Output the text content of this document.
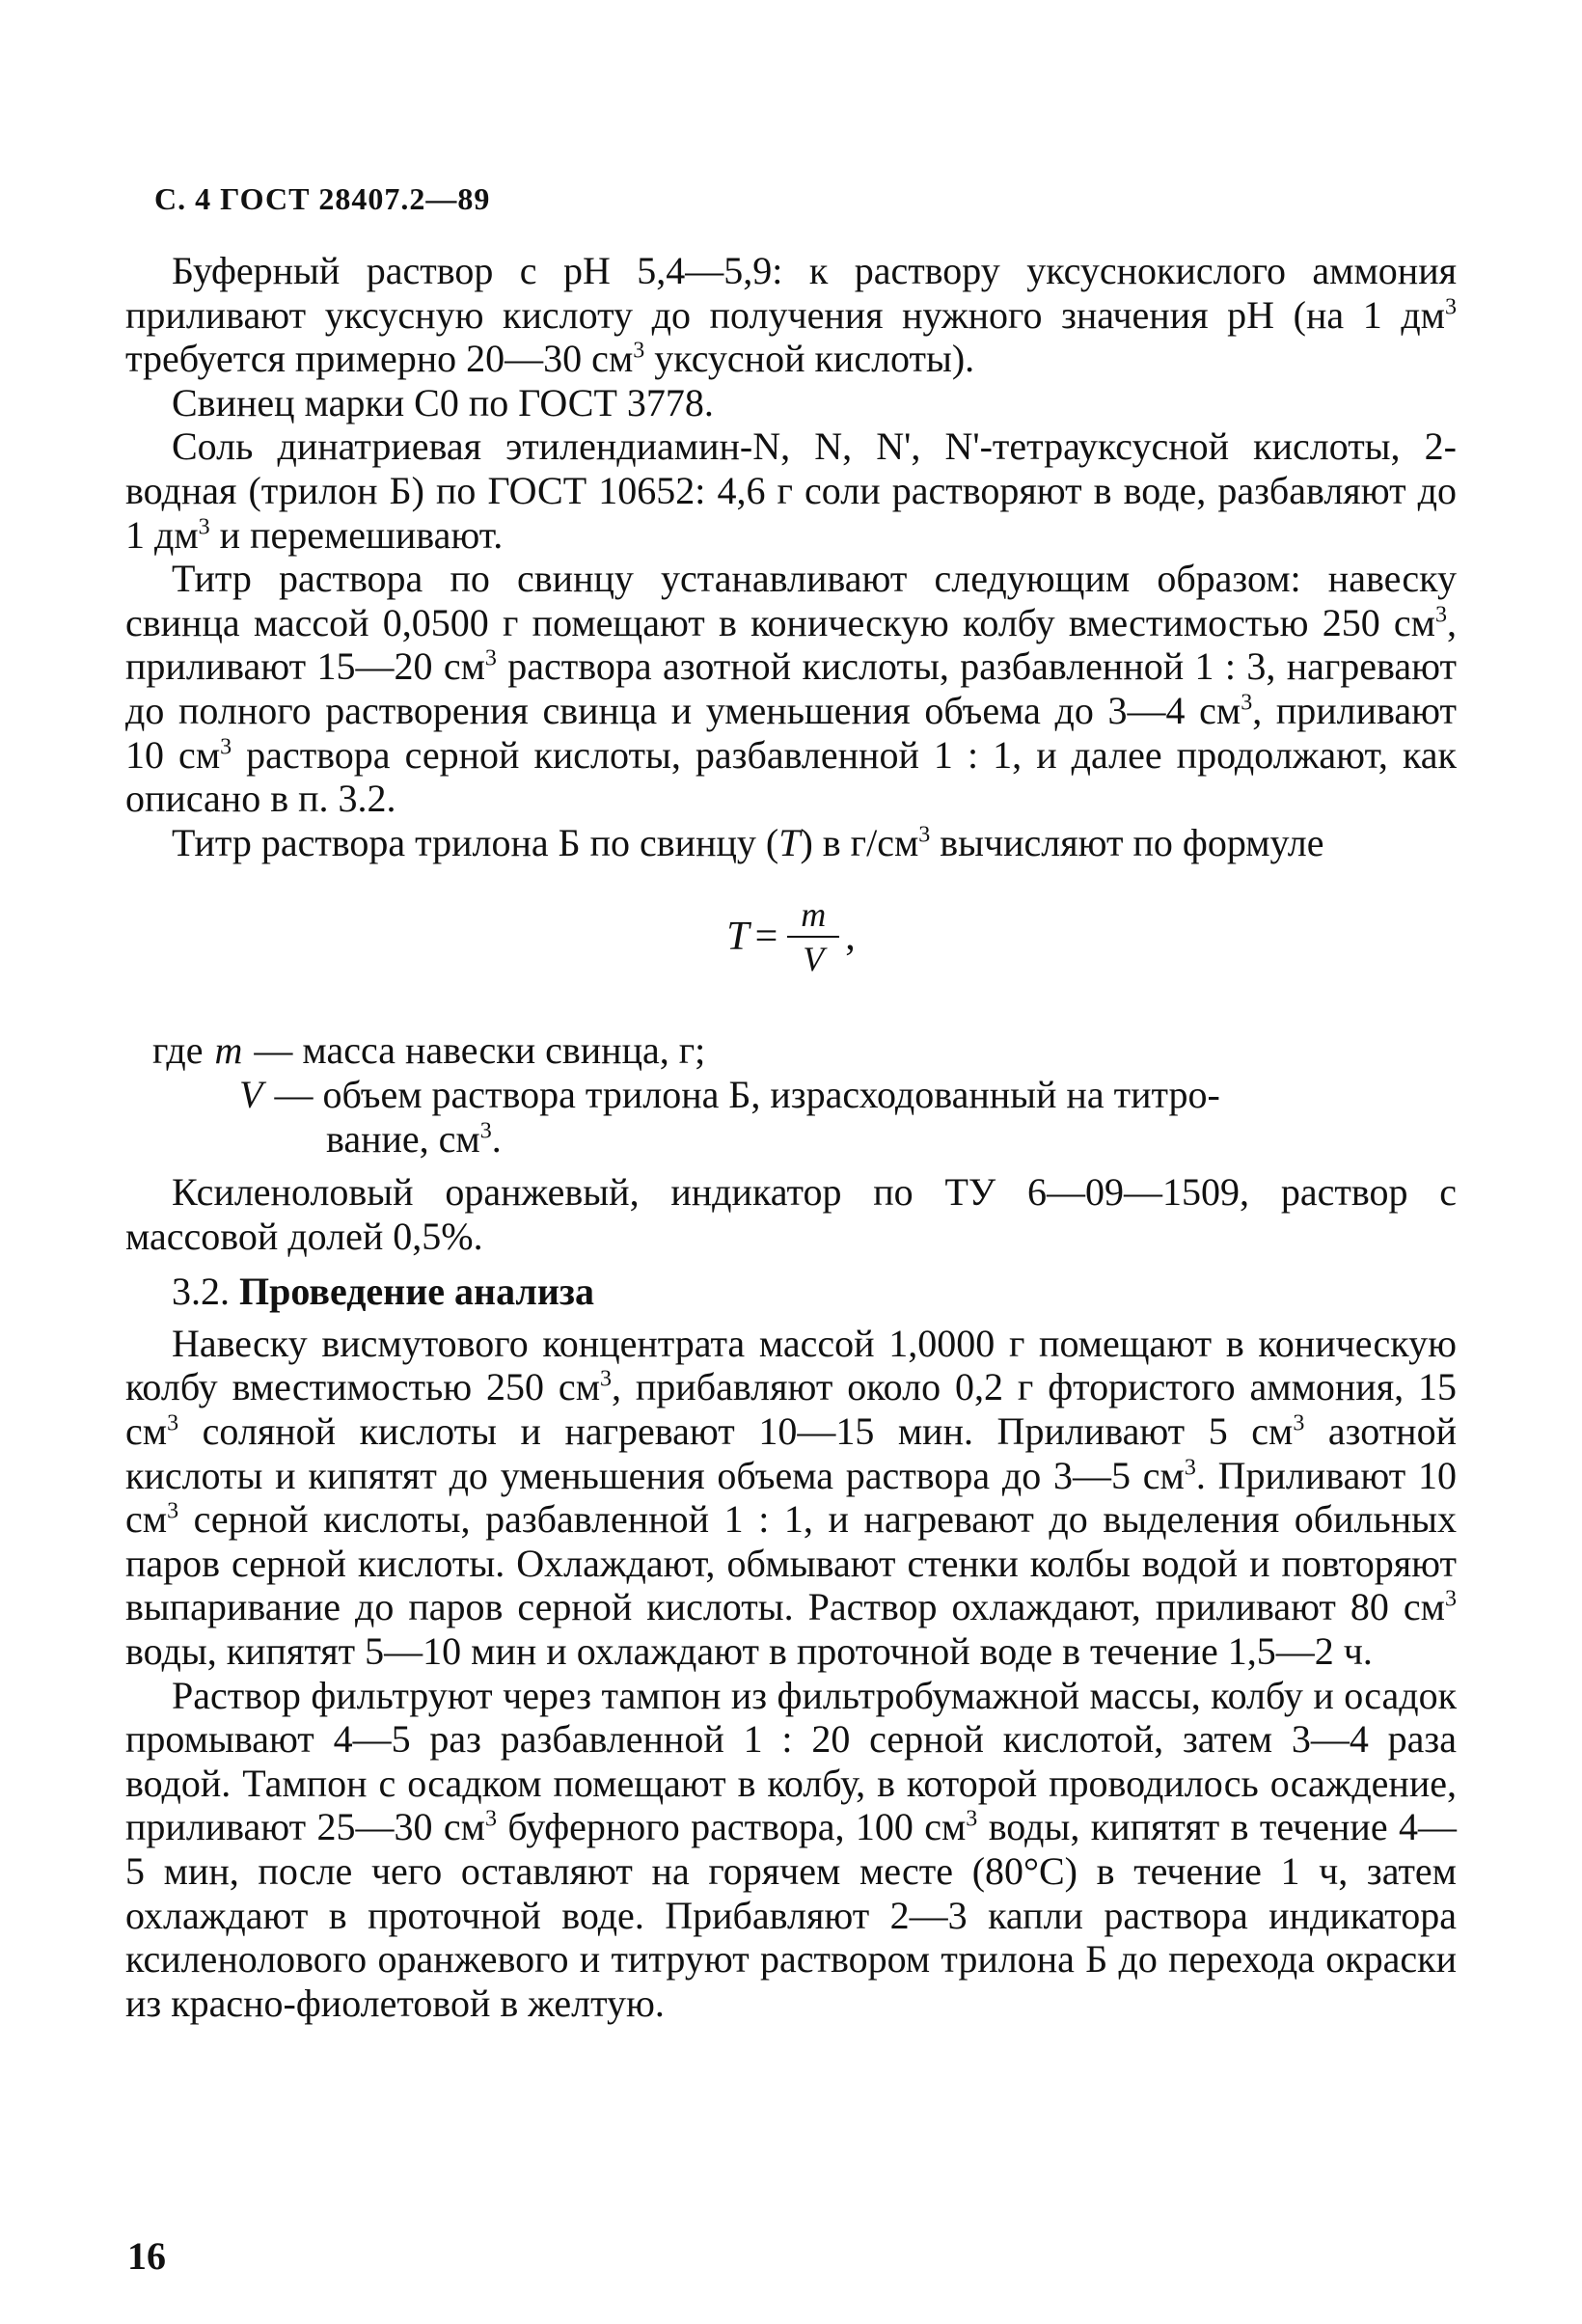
С. 4 ГОСТ 28407.2—89

Буферный раствор с pH 5,4—5,9: к раствору уксуснокислого аммония приливают уксусную кислоту до получения нужного значения pH (на 1 $дм^3$ требуется примерно 20—30 $см^3$ уксусной кислоты).

Свинец марки С0 по ГОСТ 3778.

Соль динатриевая этилендиамин-N, N, N', N'-тетрауксусной кислоты, 2-водная (трилон Б) по ГОСТ 10652: 4,6 г соли растворяют в воде, разбавляют до 1 $дм^3$ и перемешивают.

Титр раствора по свинцу устанавливают следующим образом: навеску свинца массой 0,0500 г помещают в коническую колбу вместимостью 250 $см^3$, приливают 15—20 $см^3$ раствора азотной кислоты, разбавленной 1 : 3, нагревают до полного растворения свинца и уменьшения объема до 3—4 $см^3$, приливают 10 $см^3$ раствора серной кислоты, разбавленной 1 : 1, и далее продолжают, как описано в п. 3.2.

Титр раствора трилона Б по свинцу (T) в $г/см^3$ вычисляют по формуле

$T = \frac{m}{V}$ ,
где m — масса навески свинца, г;
V — объем раствора трилона Б, израсходованный на титро-
вание, $см^3$.

Ксиленоловый оранжевый, индикатор по ТУ 6—09—1509, раствор с массовой долей 0,5%.

3.2. Проведение анализа

Навеску висмутового концентрата массой 1,0000 г помещают в коническую колбу вместимостью 250 $см^3$, прибавляют около 0,2 г фтористого аммония, 15 $см^3$ соляной кислоты и нагревают 10—15 мин. Приливают 5 $см^3$ азотной кислоты и кипятят до уменьшения объема раствора до 3—5 $см^3$. Приливают 10 $см^3$ серной кислоты, разбавленной 1 : 1, и нагревают до выделения обильных паров серной кислоты. Охлаждают, обмывают стенки колбы водой и повторяют выпаривание до паров серной кислоты. Раствор охлаждают, приливают 80 $см^3$ воды, кипятят 5—10 мин и охлаждают в проточной воде в течение 1,5—2 ч.

Раствор фильтруют через тампон из фильтробумажной массы, колбу и осадок промывают 4—5 раз разбавленной 1 : 20 серной кислотой, затем 3—4 раза водой. Тампон с осадком помещают в колбу, в которой проводилось осаждение, приливают 25—30 $см^3$ буферного раствора, 100 $см^3$ воды, кипятят в течение 4—5 мин, после чего оставляют на горячем месте (80°С) в течение 1 ч, затем охлаждают в проточной воде. Прибавляют 2—3 капли раствора индикатора ксиленолового оранжевого и титруют раствором трилона Б до перехода окраски из красно-фиолетовой в желтую.

16
